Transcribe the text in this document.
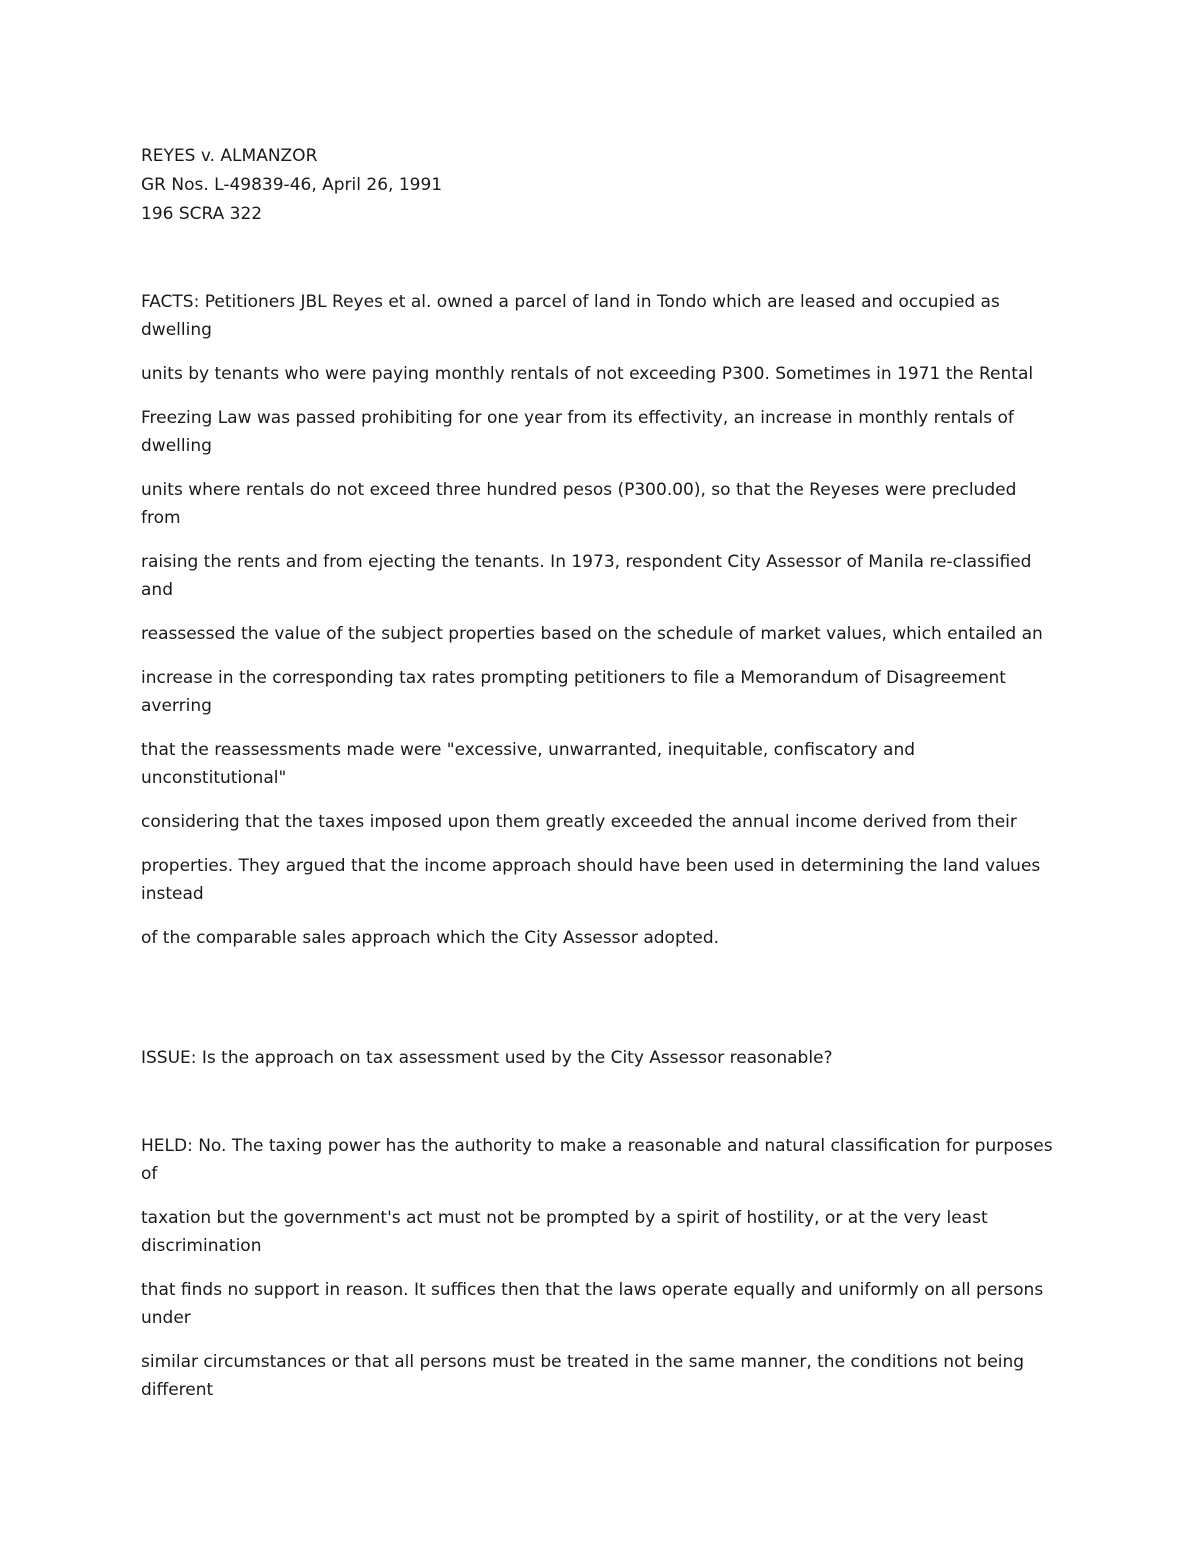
REYES v. ALMANZOR

GR Nos. L-49839-46, April 26, 1991

196 SCRA 322

FACTS: Petitioners JBL Reyes et al. owned a parcel of land in Tondo which are leased and occupied as dwelling

units by tenants who were paying monthly rentals of not exceeding P300. Sometimes in 1971 the Rental

Freezing Law was passed prohibiting for one year from its effectivity, an increase in monthly rentals of dwelling

units where rentals do not exceed three hundred pesos (P300.00), so that the Reyeses were precluded from

raising the rents and from ejecting the tenants. In 1973, respondent City Assessor of Manila re-classified and

reassessed the value of the subject properties based on the schedule of market values, which entailed an

increase in the corresponding tax rates prompting petitioners to file a Memorandum of Disagreement averring

that the reassessments made were "excessive, unwarranted, inequitable, confiscatory and unconstitutional"

considering that the taxes imposed upon them greatly exceeded the annual income derived from their

properties. They argued that the income approach should have been used in determining the land values instead

of the comparable sales approach which the City Assessor adopted.

ISSUE: Is the approach on tax assessment used by the City Assessor reasonable?

HELD: No. The taxing power has the authority to make a reasonable and natural classification for purposes of

taxation but the government's act must not be prompted by a spirit of hostility, or at the very least discrimination

that finds no support in reason. It suffices then that the laws operate equally and uniformly on all persons under

similar circumstances or that all persons must be treated in the same manner, the conditions not being different
